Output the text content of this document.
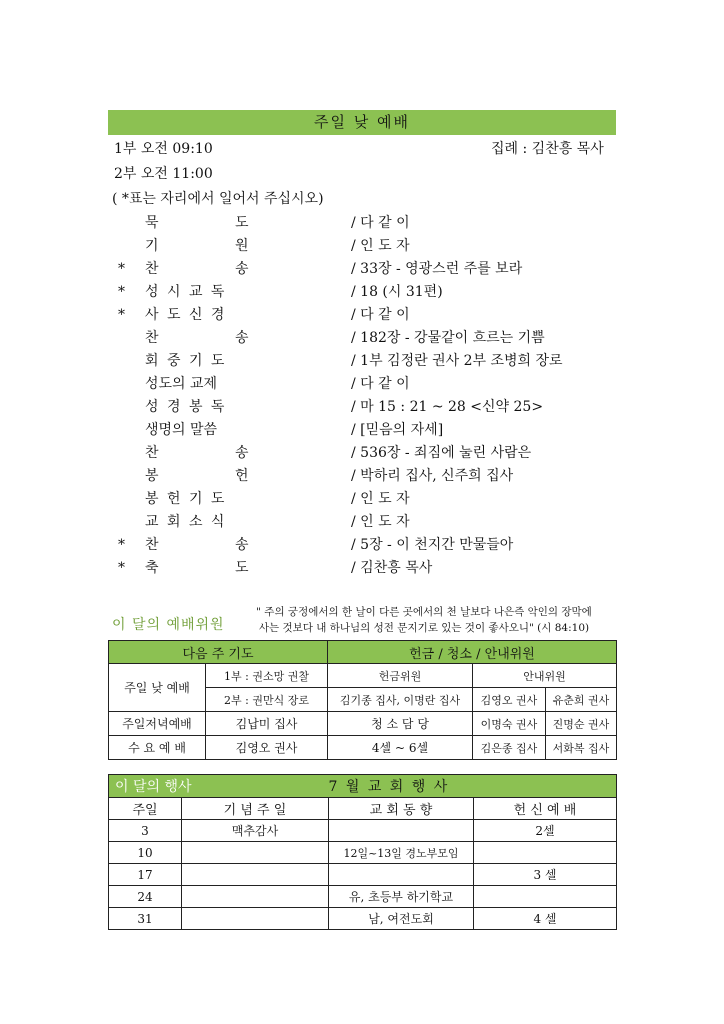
주일 낮 예배
1부 오전 09:10
2부 오전 11:00
집례 : 김찬흥 목사
( *표는 자리에서 일어서 주십시오)
묵 도	/ 다 같 이
기 원	/ 인 도 자
* 찬 송	/ 33장 - 영광스런 주를 보라
* 성 시 교 독	/ 18 (시 31편)
* 사 도 신 경	/ 다 같 이
찬 송	/ 182장 - 강물같이 흐르는 기쁨
회 중 기 도	/ 1부 김정란 권사 2부 조병희 장로
성도의 교제	/ 다 같 이
성 경 봉 독	/ 마 15 : 21 ~ 28 <신약 25>
생명의 말씀	/ [믿음의 자세]
찬 송	/ 536장 - 죄짐에 눌린 사람은
봉 헌	/ 박하리 집사, 신주희 집사
봉 헌 기 도	/ 인 도 자
교 회 소 식	/ 인 도 자
* 찬 송	/ 5장 - 이 천지간 만물들아
* 축 도	/ 김찬흥 목사
이 달의 예배위원
" 주의 궁정에서의 한 날이 다른 곳에서의 천 날보다 나은즉 악인의 장막에
사는 것보다 내 하나님의 성전 문지기로 있는 것이 좋사오니" (시 84:10)
다음 주 기도		헌금 / 청소 / 안내위원		
주일 낮 예배	1부 : 권소망 권찰	헌금위원	안내위원	
	2부 : 권만식 장로	김기종 집사, 이명란 집사	김영오 권사	유춘희 권사
주일저녁예배	김납미 집사	청 소 담 당	이명숙 권사	진명순 권사
수 요 예 배	김영오 권사	4셀 ~ 6셀	김은종 집사	서화복 집사
이 달의 행사		7 월 교 회 행 사	
주일	기 념 주 일	교 회 동 향	헌 신 예 배
3	맥추감사		2셀
10		12일~13일 경노부모임	
17			3 셀
24		유, 초등부 하기학교	
31		남, 여전도회	4 셀
